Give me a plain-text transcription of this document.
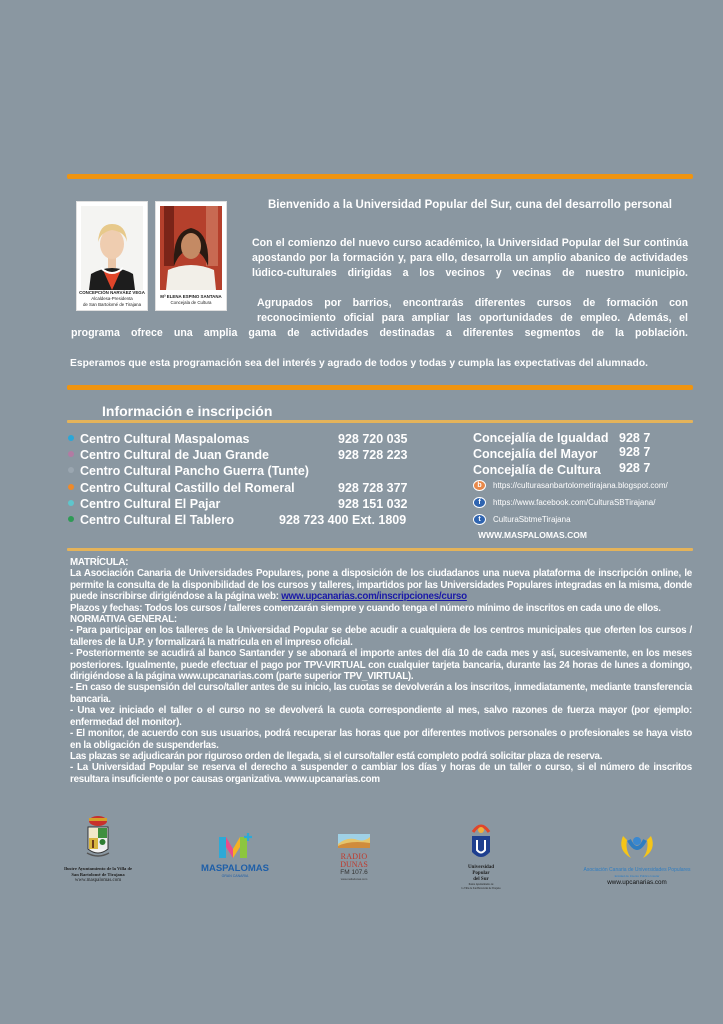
CONCEPCIÓN NARVÁEZ VEGA
Alcaldesa-Presidenta
de San Bartolomé de Tirajana
Mª ELENA ESPINO SANTANA
Concejala de Cultura
Bienvenido a la Universidad Popular del Sur, cuna del desarrollo personal
Con el comienzo del nuevo curso académico, la Universidad Popular del Sur continúa
apostando por la formación y, para ello, desarrolla un amplio abanico de actividades
lúdico-culturales dirigidas a los vecinos y vecinas de nuestro municipio.
Agrupados por barrios, encontrarás diferentes cursos de formación con
reconocimiento oficial para ampliar las oportunidades de empleo. Además, el
programa ofrece una amplia gama de actividades destinadas a diferentes segmentos de la población.
Esperamos que esta programación sea del interés y agrado de todos y todas y cumpla las expectativas del alumnado.
Información e inscripción
Centro Cultural Maspalomas	928 720 035
Centro Cultural de Juan Grande	928 728 223
Centro Cultural Pancho Guerra (Tunte)
Centro Cultural Castillo del Romeral	928 728 377
Centro Cultural El Pajar	928 151 032
Centro Cultural El Tablero	928 723 400 Ext. 1809
Concejalía de Igualdad 928 7
Concejalía del Mayor 928 7
Concejalía de Cultura 928 7
b	https://culturasanbartolometirajana.blogspot.com/
f	https://www.facebook.com/CulturaSBTirajana/
t	CulturaSbtmeTirajana
WWW.MASPALOMAS.COM

MATRÍCULA:

La Asociación Canaria de Universidades Populares, pone a disposición de los ciudadanos una nueva plataforma de inscripción online, le permite la consulta de la disponibilidad de los cursos y talleres, impartidos por las Universidades Populares integradas en la misma, donde puede inscribirse dirigiéndose a la página web: www.upcanarias.com/inscripciones/curso

Plazos y fechas: Todos los cursos / talleres comenzarán siempre y cuando tenga el número mínimo de inscritos en cada uno de ellos.

NORMATIVA GENERAL:

- Para participar en los talleres de la Universidad Popular se debe acudir a cualquiera de los centros municipales que oferten los cursos / talleres de la U.P. y formalizará la matrícula en el impreso oficial.

- Posteriormente se acudirá al banco Santander y se abonará el importe antes del día 10 de cada mes y así, sucesivamente, en los meses posteriores. Igualmente, puede efectuar el pago por TPV-VIRTUAL con cualquier tarjeta bancaria, durante las 24 horas de lunes a domingo, dirigiéndose a la página www.upcanarias.com (parte superior TPV_VIRTUAL).

- En caso de suspensión del curso/taller antes de su inicio, las cuotas se devolverán a los inscritos, inmediatamente, mediante transferencia bancaria.

- Una vez iniciado el taller o el curso no se devolverá la cuota correspondiente al mes, salvo razones de fuerza mayor (por ejemplo: enfermedad del monitor).

- El monitor, de acuerdo con sus usuarios, podrá recuperar las horas que por diferentes motivos personales o profesionales se haya visto en la obligación de suspenderlas.

Las plazas se adjudicarán por riguroso orden de llegada, si el curso/taller está completo podrá solicitar plaza de reserva.

- La Universidad Popular se reserva el derecho a suspender o cambiar los días y horas de un taller o curso, si el número de inscritos resultara insuficiente o por causas organizativa. www.upcanarias.com

Ilustre Ayuntamiento de la Villa de
San Bartolomé de Tirajana
www.maspalomas.com
MASPALOMAS
GRAN CANARIA
RADIO
DUNAS
FM 107.6
www.radiodunas.com
Universidad
Popular
del Sur
Ilustre Ayuntamiento de
la Villa de San Bartolomé de Tirajana
Asociación Canaria de Universidades Populares
Entidad de Interés Público Insular
www.upcanarias.com
